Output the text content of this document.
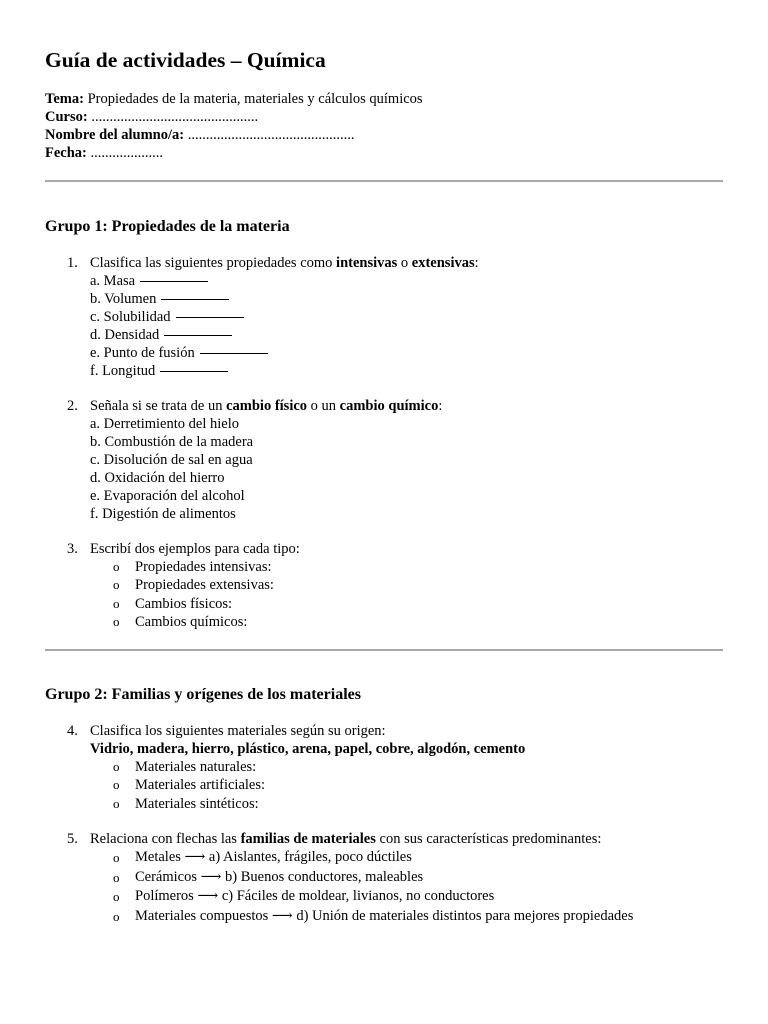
Guía de actividades – Química
Tema: Propiedades de la materia, materiales y cálculos químicos
Curso: ..............................................
Nombre del alumno/a: ..............................................
Fecha: ....................
Grupo 1: Propiedades de la materia
1. Clasifica las siguientes propiedades como intensivas o extensivas:
a. Masa
b. Volumen
c. Solubilidad
d. Densidad
e. Punto de fusión
f. Longitud
2. Señala si se trata de un cambio físico o un cambio químico:
a. Derretimiento del hielo
b. Combustión de la madera
c. Disolución de sal en agua
d. Oxidación del hierro
e. Evaporación del alcohol
f. Digestión de alimentos
3. Escribí dos ejemplos para cada tipo:
o Propiedades intensivas:
o Propiedades extensivas:
o Cambios físicos:
o Cambios químicos:
Grupo 2: Familias y orígenes de los materiales
4. Clasifica los siguientes materiales según su origen:
Vidrio, madera, hierro, plástico, arena, papel, cobre, algodón, cemento
o Materiales naturales:
o Materiales artificiales:
o Materiales sintéticos:
5. Relaciona con flechas las familias de materiales con sus características predominantes:
o Metales ⟶ a) Aislantes, frágiles, poco dúctiles
o Cerámicos ⟶ b) Buenos conductores, maleables
o Polímeros ⟶ c) Fáciles de moldear, livianos, no conductores
o Materiales compuestos ⟶ d) Unión de materiales distintos para mejores propiedades
